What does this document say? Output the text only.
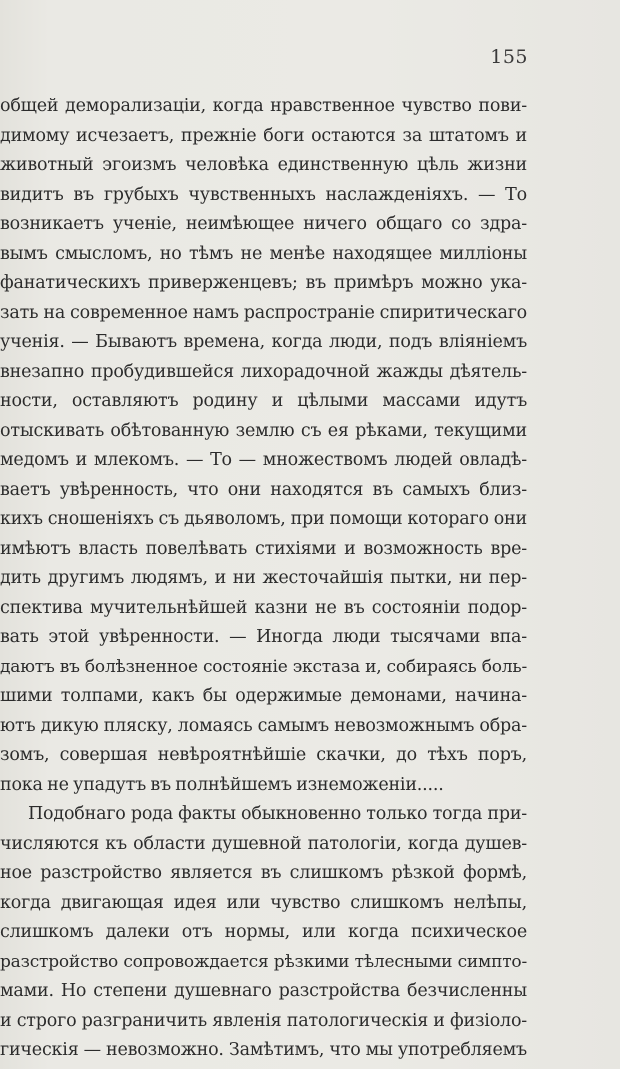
155
общей деморализаціи, когда нравственное чувство пови-
димому исчезаетъ, прежніе боги остаются за штатомъ и
животный эгоизмъ человѣка единственную цѣль жизни
видитъ въ грубыхъ чувственныхъ наслажденіяхъ. — То
возникаетъ ученіе, неимѣющее ничего общаго со здра-
вымъ смысломъ, но тѣмъ не менѣе находящее милліоны
фанатическихъ приверженцевъ; въ примѣръ можно ука-
зать на современное намъ распространіе спиритическаго
ученія. — Бываютъ времена, когда люди, подъ вліяніемъ
внезапно пробудившейся лихорадочной жажды дѣятель-
ности, оставляютъ родину и цѣлыми массами идутъ
отыскивать обѣтованную землю съ ея рѣками, текущими
медомъ и млекомъ. — То — множествомъ людей овладѣ-
ваетъ увѣренность, что они находятся въ самыхъ близ-
кихъ сношеніяхъ съ дьяволомъ, при помощи котораго они
имѣютъ власть повелѣвать стихіями и возможность вре-
дить другимъ людямъ, и ни жесточайшія пытки, ни пер-
спектива мучительнѣйшей казни не въ состояніи подор-
вать этой увѣренности. — Иногда люди тысячами впа-
даютъ въ болѣзненное состояніе экстаза и, собираясь боль-
шими толпами, какъ бы одержимые демонами, начина-
ютъ дикую пляску, ломаясь самымъ невозможнымъ обра-
зомъ, совершая невѣроятнѣйшіе скачки, до тѣхъ поръ,
пока не упадутъ въ полнѣйшемъ изнеможеніи.....
Подобнаго рода факты обыкновенно только тогда при-
числяются къ области душевной патологіи, когда душев-
ное разстройство является въ слишкомъ рѣзкой формѣ,
когда двигающая идея или чувство слишкомъ нелѣпы,
слишкомъ далеки отъ нормы, или когда психическое
разстройство сопровождается рѣзкими тѣлесными симпто-
мами. Но степени душевнаго разстройства безчисленны
и строго разграничить явленія патологическія и физіоло-
гическія — невозможно. Замѣтимъ, что мы употребляемъ
